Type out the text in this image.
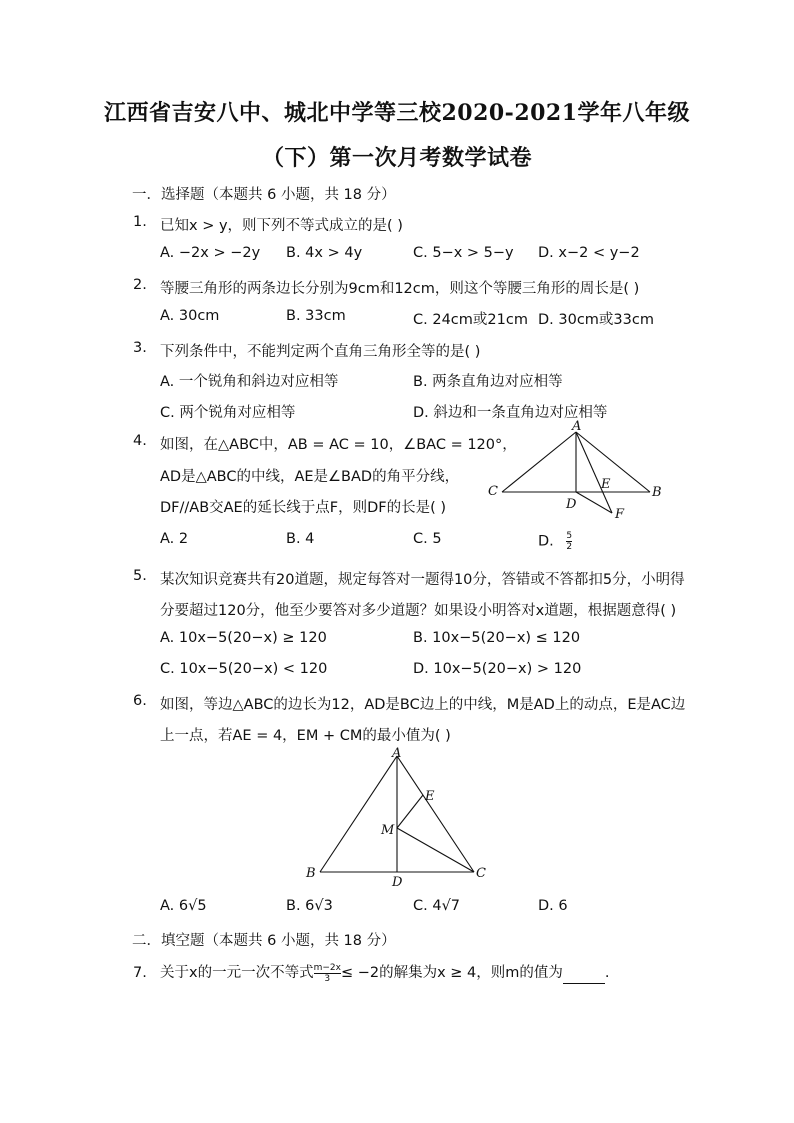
江西省吉安八中、城北中学等三校2020-2021学年八年级
（下）第一次月考数学试卷
一．选择题（本题共 6 小题，共 18 分）
1. 已知x > y，则下列不等式成立的是( )
A. −2x > −2y B. 4x > 4y	C. 5−x > 5−y D. x−2 < y−2
2. 等腰三角形的两条边长分别为9cm和12cm，则这个等腰三角形的周长是( )
A. 30cm	B. 33cm	C. 24cm或21cm D. 30cm或33cm
3. 下列条件中，不能判定两个直角三角形全等的是( )
A. 一个锐角和斜边对应相等	B. 两条直角边对应相等
C. 两个锐角对应相等	D. 斜边和一条直角边对应相等
4. 如图，在△ABC中，AB = AC = 10，∠BAC = 120°，
AD是△ABC的中线，AE是∠BAD的角平分线，
DF//AB交AE的延长线于点F，则DF的长是( )
A
C	B
D
E
F
A. 2	B. 4	C. 5	D. $\frac{5}{2}$
5. 某次知识竞赛共有20道题，规定每答对一题得10分，答错或不答都扣5分，小明得
分要超过120分，他至少要答对多少道题？如果设小明答对x道题，根据题意得( )
A. 10x−5(20−x) ≥ 120	B. 10x−5(20−x) ≤ 120
C. 10x−5(20−x) < 120	D. 10x−5(20−x) > 120
6. 如图，等边△ABC的边长为12，AD是BC边上的中线，M是AD上的动点，E是AC边
上一点，若AE = 4，EM + CM的最小值为( )
A
B	C
D
E
M
A. 6√5	B. 6√3	C. 4√7	D. 6
二．填空题（本题共 6 小题，共 18 分）
7. 关于x的一元一次不等式 $\frac{m-2x}{3} \le -2$的解集为x ≥ 4，则m的值为	.
